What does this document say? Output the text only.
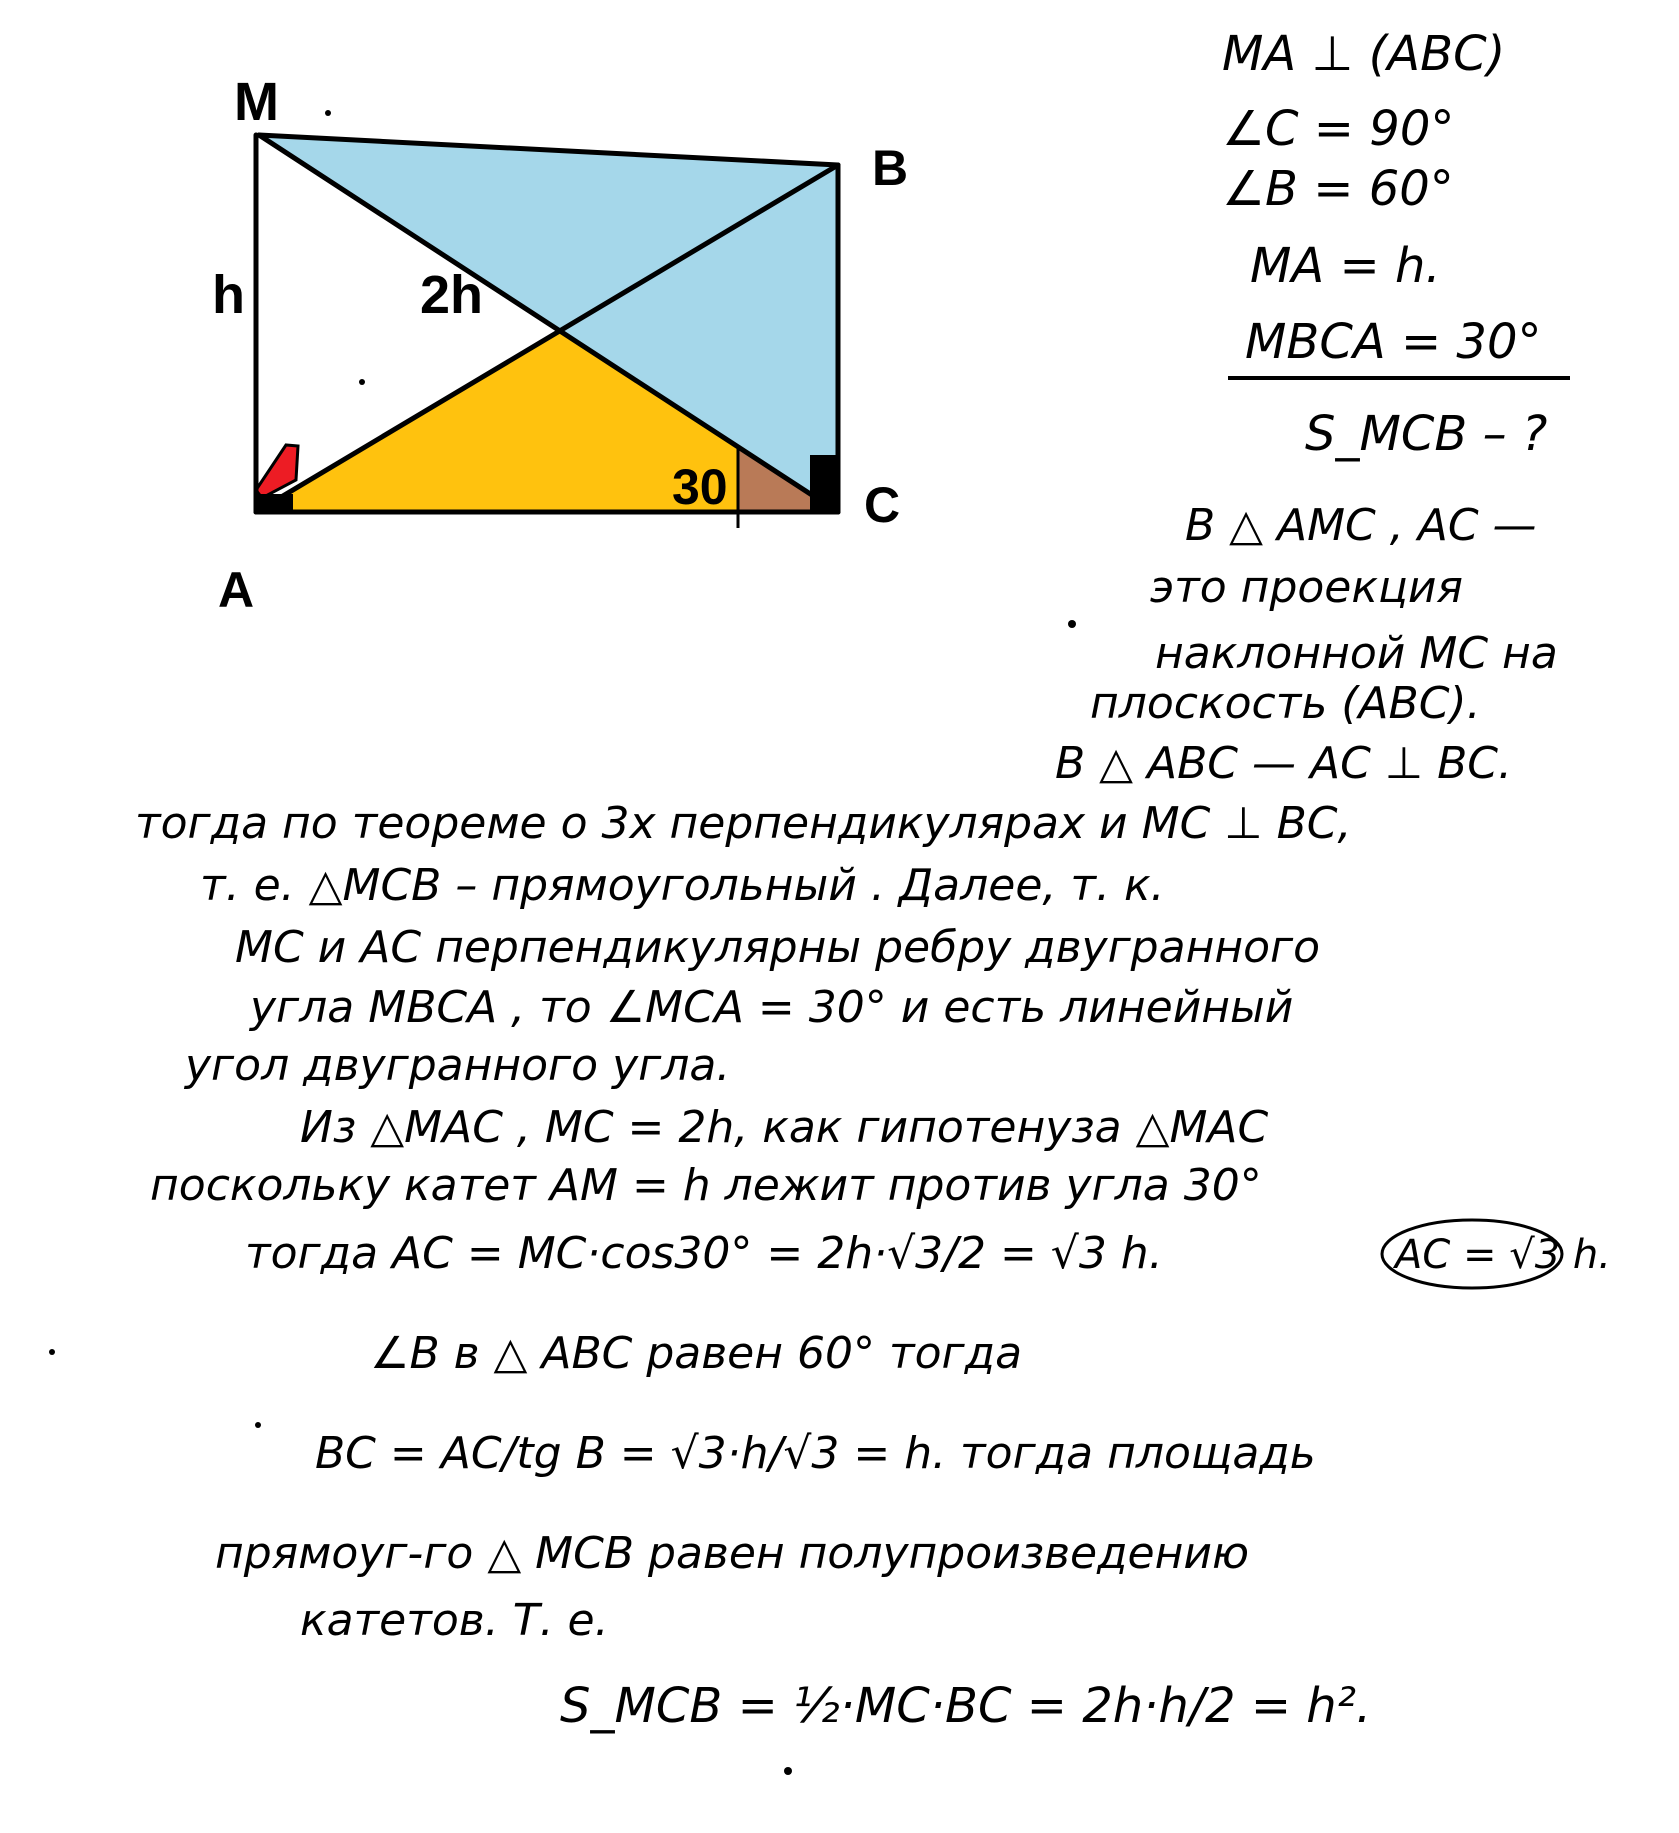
M
B
A
C
h	2h
30
MA ⊥ (ABC)
∠C = 90°
∠B = 60°
MA = h.
MBCA = 30°
S_MCB – ?
В △ AMC , AC —
это проекция
наклонной MC на
плоскость (ABC).
В △ ABC — AC ⊥ BC.
тогда по теореме о 3х перпендикулярах и MC ⊥ BC,
т. е. △MCB – прямоугольный . Далее, т. к.
MC и AC перпендикулярны ребру двугранного
угла MBCA , то ∠MCA = 30° и есть линейный
угол двугранного угла.
Из △MAC , MC = 2h, как гипотенуза △MAC
поскольку катет AM = h лежит против угла 30°
тогда AC = MC·cos30° = 2h·√3/2 = √3 h.	AC = √3 h.
∠B в △ ABC равен 60° тогда
BC = AC/tg B = √3·h/√3 = h. тогда площадь
прямоуг-го △ MCB равен полупроизведению
катетов. Т. е.
S_MCB = ½·MC·BC = 2h·h/2 = h².
